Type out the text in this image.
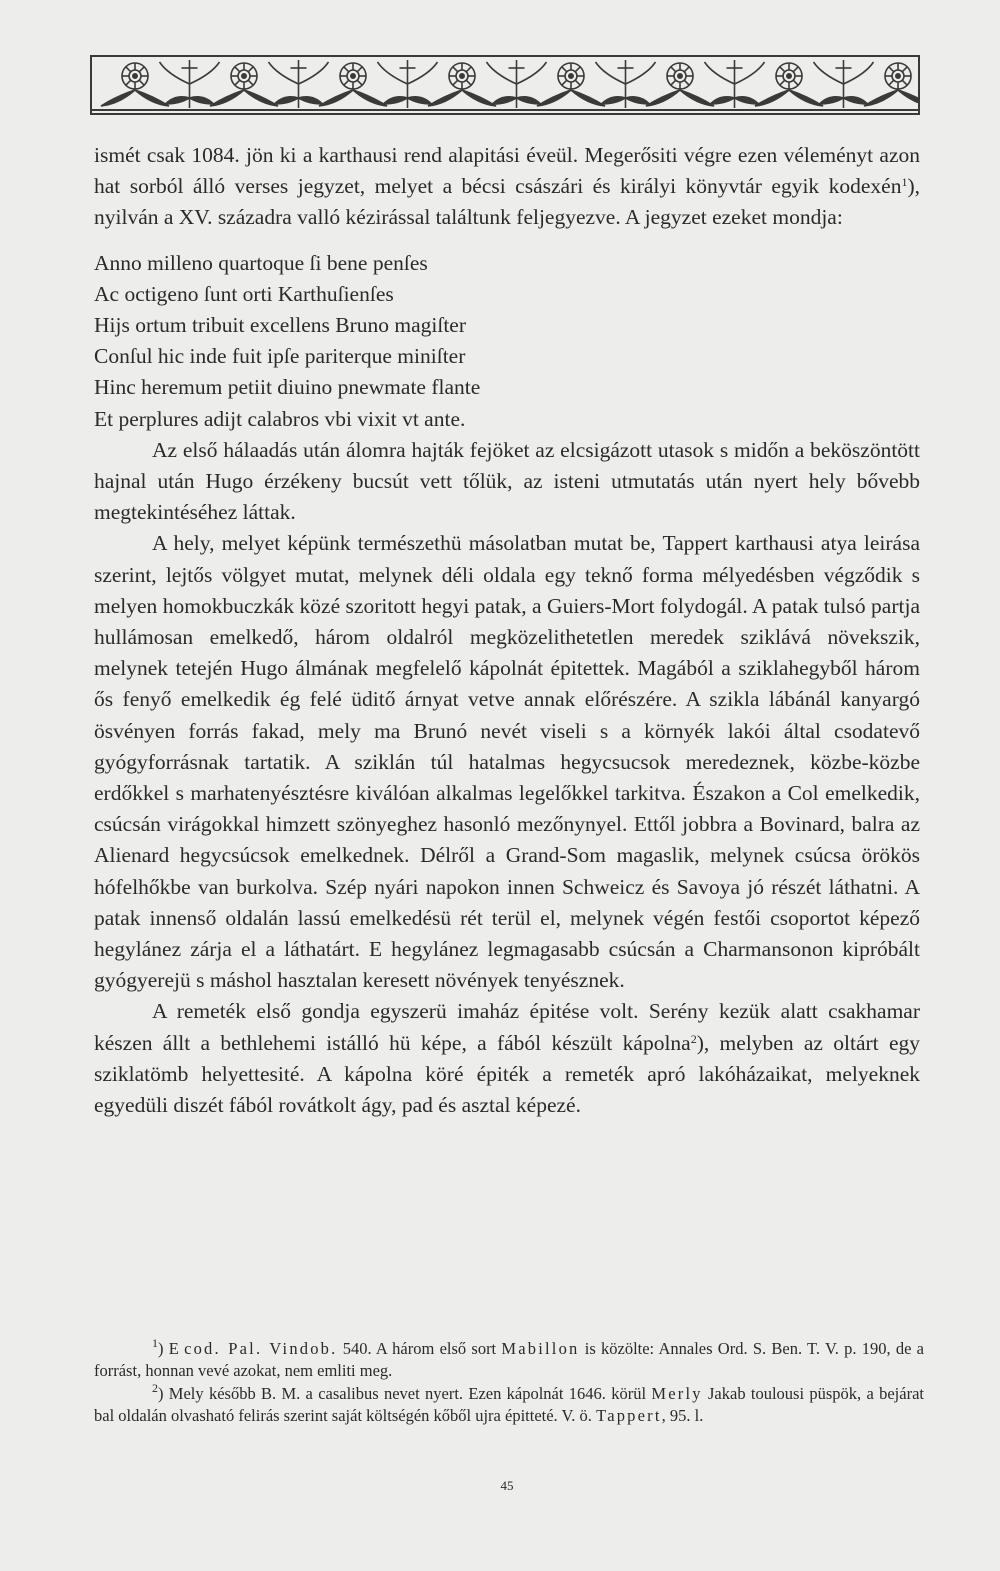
ismét csak 1084. jön ki a karthausi rend alapitási éveül. Megerősiti végre ezen véleményt azon hat sorból álló verses jegyzet, melyet a bécsi császári és királyi könyvtár egyik kodexén$^1$), nyilván a XV. századra valló kézirással találtunk feljegyezve. A jegyzet ezeket mondja:

Anno milleno quartoque ſi bene penſes
Ac octigeno ſunt orti Karthuſienſes
Hijs ortum tribuit excellens Bruno magiſter
Conſul hic inde fuit ipſe pariterque miniſter
Hinc heremum petiit diuino pnewmate flante
Et perplures adijt calabros vbi vixit vt ante.

Az első hálaadás után álomra hajták fejöket az elcsigázott utasok s midőn a beköszöntött hajnal után Hugo érzékeny bucsút vett tőlük, az isteni utmutatás után nyert hely bővebb megtekintéséhez láttak.

A hely, melyet képünk természethü másolatban mutat be, Tappert karthausi atya leirása szerint, lejtős völgyet mutat, melynek déli oldala egy teknő forma mélyedésben végződik s melyen homokbuczkák közé szoritott hegyi patak, a Guiers-Mort folydogál. A patak tulsó partja hullámosan emelkedő, három oldalról megközelithetetlen meredek sziklává növekszik, melynek tetején Hugo álmának megfelelő kápolnát épitettek. Magából a sziklahegyből három ős fenyő emelkedik ég felé üditő árnyat vetve annak előrészére. A szikla lábánál kanyargó ösvényen forrás fakad, mely ma Brunó nevét viseli s a környék lakói által csodatevő gyógyforrásnak tartatik. A sziklán túl hatalmas hegycsucsok meredeznek, közbe-közbe erdőkkel s marhatenyésztésre kiválóan alkalmas legelőkkel tarkitva. Északon a Col emelkedik, csúcsán virágokkal himzett szönyeghez hasonló mezőnynyel. Ettől jobbra a Bovinard, balra az Alienard hegycsúcsok emelkednek. Délről a Grand-Som magaslik, melynek csúcsa örökös hófelhőkbe van burkolva. Szép nyári napokon innen Schweicz és Savoya jó részét láthatni. A patak innenső oldalán lassú emelkedésü rét terül el, melynek végén festői csoportot képező hegylánez zárja el a láthatárt. E hegylánez legmagasabb csúcsán a Charmansonon kipróbált gyógyerejü s máshol hasztalan keresett növények tenyésznek.

A remeték első gondja egyszerü imaház épitése volt. Serény kezük alatt csakhamar készen állt a bethlehemi istálló hü képe, a fából készült kápolna$^2$), melyben az oltárt egy sziklatömb helyettesité. A kápolna köré épiték a remeték apró lakóházaikat, melyeknek egyedüli diszét fából rovátkolt ágy, pad és asztal képezé.

$^1$) E cod. Pal. Vindob. 540. A három első sort Mabillon is közölte: Annales Ord. S. Ben. T. V. p. 190, de a forrást, honnan vevé azokat, nem emliti meg.

$^2$) Mely később B. M. a casalibus nevet nyert. Ezen kápolnát 1646. körül Merly Jakab toulousi püspök, a bejárat bal oldalán olvasható felirás szerint saját költségén kőből ujra épitteté. V. ö. Tappert, 95. l.

45
